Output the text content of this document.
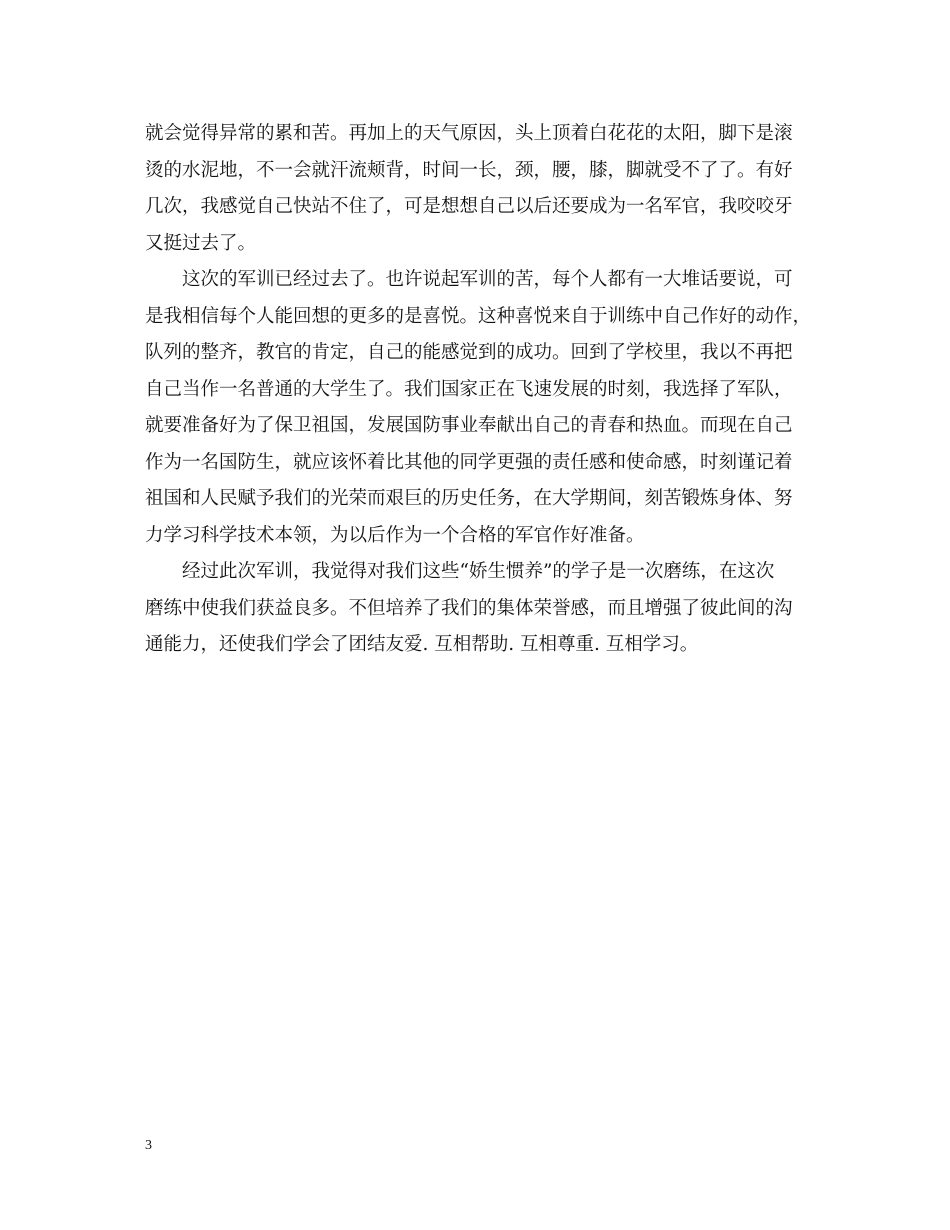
就会觉得异常的累和苦。再加上的天气原因，头上顶着白花花的太阳，脚下是滚
烫的水泥地，不一会就汗流颊背，时间一长，颈，腰，膝，脚就受不了了。有好
几次，我感觉自己快站不住了，可是想想自己以后还要成为一名军官，我咬咬牙
又挺过去了。
这次的军训已经过去了。也许说起军训的苦，每个人都有一大堆话要说，可
是我相信每个人能回想的更多的是喜悦。这种喜悦来自于训练中自己作好的动作，
队列的整齐，教官的肯定，自己的能感觉到的成功。回到了学校里，我以不再把
自己当作一名普通的大学生了。我们国家正在飞速发展的时刻，我选择了军队，
就要准备好为了保卫祖国，发展国防事业奉献出自己的青春和热血。而现在自己
作为一名国防生，就应该怀着比其他的同学更强的责任感和使命感，时刻谨记着
祖国和人民赋予我们的光荣而艰巨的历史任务，在大学期间，刻苦锻炼身体、努
力学习科学技术本领，为以后作为一个合格的军官作好准备。
经过此次军训，我觉得对我们这些“娇生惯养”的学子是一次磨练，在这次
磨练中使我们获益良多。不但培养了我们的集体荣誉感，而且增强了彼此间的沟
通能力，还使我们学会了团结友爱. 互相帮助. 互相尊重. 互相学习。
3
